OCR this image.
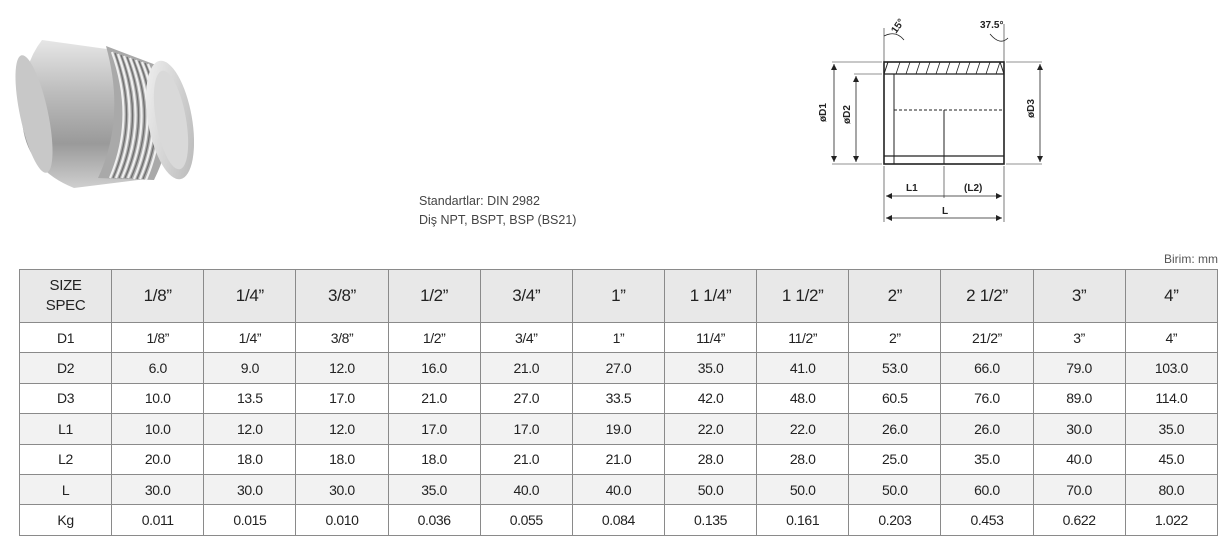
Standartlar: DIN 2982
Diş NPT, BSPT, BSP (BS21)
15°	37.5°
øD1 øD2	øD3
L1	(L2)
L
Birim: mm
SIZE
SPEC	1/8”	1/4”	3/8”	1/2”	3/4”	1”	1 1/4”	1 1/2”	2”	2 1/2”	3”	4”
D1	1/8”	1/4”	3/8”	1/2”	3/4”	1”	11/4”	11/2”	2”	21/2”	3”	4”
D2	6.0	9.0	12.0	16.0	21.0	27.0	35.0	41.0	53.0	66.0	79.0	103.0
D3	10.0	13.5	17.0	21.0	27.0	33.5	42.0	48.0	60.5	76.0	89.0	114.0
L1	10.0	12.0	12.0	17.0	17.0	19.0	22.0	22.0	26.0	26.0	30.0	35.0
L2	20.0	18.0	18.0	18.0	21.0	21.0	28.0	28.0	25.0	35.0	40.0	45.0
L	30.0	30.0	30.0	35.0	40.0	40.0	50.0	50.0	50.0	60.0	70.0	80.0
Kg	0.011	0.015	0.010	0.036	0.055	0.084	0.135	0.161	0.203	0.453	0.622	1.022
